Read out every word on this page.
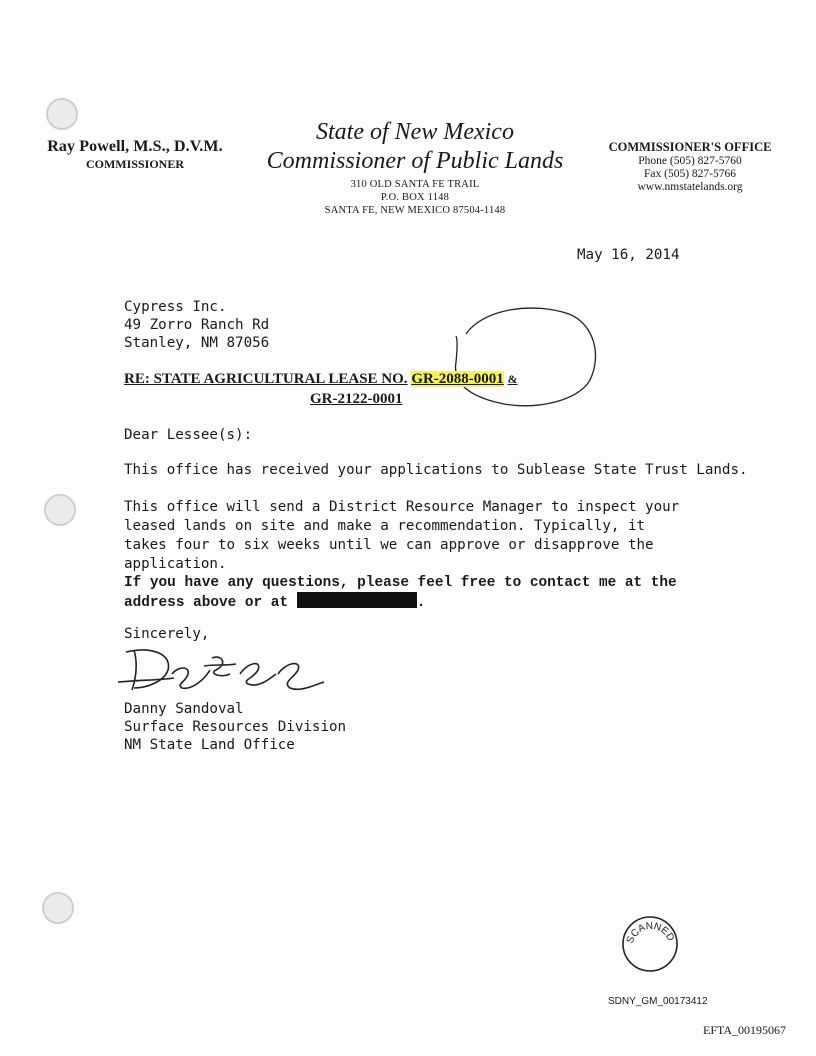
Ray Powell, M.S., D.V.M.
COMMISSIONER
State of New Mexico
Commissioner of Public Lands
310 OLD SANTA FE TRAIL
P.O. BOX 1148
SANTA FE, NEW MEXICO 87504-1148
COMMISSIONER'S OFFICE
Phone (505) 827-5760
Fax (505) 827-5766
www.nmstatelands.org
May 16, 2014
Cypress Inc.
49 Zorro Ranch Rd
Stanley, NM 87056
RE: STATE AGRICULTURAL LEASE NO. GR-2088-0001 &
GR-2122-0001
Dear Lessee(s):
This office has received your applications to Sublease State Trust Lands.
This office will send a District Resource Manager to inspect your leased lands on site and make a recommendation. Typically, it takes four to six weeks until we can approve or disapprove the application.
If you have any questions, please feel free to contact me at the address above or at	.
Sincerely,
Danny Sandoval
Surface Resources Division
NM State Land Office
SCANNED
SDNY_GM_00173412
EFTA_00195067
